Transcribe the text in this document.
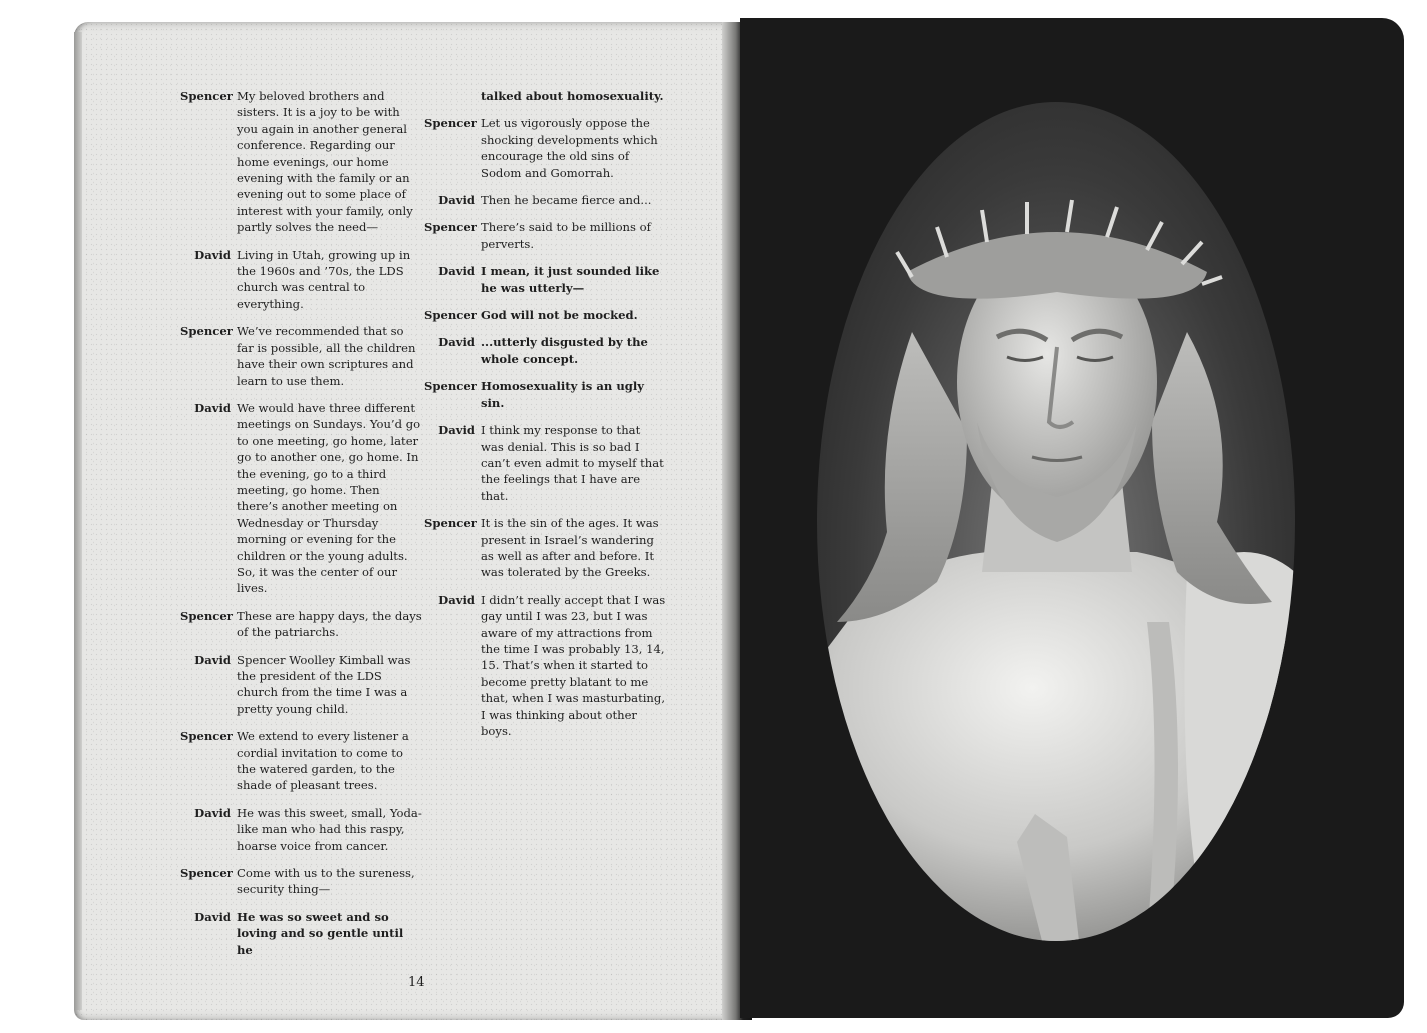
Spencer My beloved brothers and sisters. It is a joy to be with you again in another general conference. Regarding our home evenings, our home evening with the family or an evening out to some place of interest with your family, only partly solves the need—
David Living in Utah, growing up in the 1960s and ’70s, the LDS church was central to everything.
Spencer We’ve recommended that so far is possible, all the children have their own scriptures and learn to use them.
David We would have three different meetings on Sundays. You’d go to one meeting, go home, later go to another one, go home. In the evening, go to a third meeting, go home. Then there’s another meeting on Wednesday or Thursday morning or evening for the children or the young adults. So, it was the center of our lives.
Spencer These are happy days, the days of the patriarchs.
David Spencer Woolley Kimball was the president of the LDS church from the time I was a pretty young child.
Spencer We extend to every listener a cordial invitation to come to the watered garden, to the shade of pleasant trees.
David He was this sweet, small, Yoda-like man who had this raspy, hoarse voice from cancer.
Spencer Come with us to the sureness, security thing—
David He was so sweet and so loving and so gentle until he
talked about homosexuality.
Spencer Let us vigorously oppose the shocking developments which encourage the old sins of Sodom and Gomorrah.
David Then he became fierce and...
Spencer There’s said to be millions of perverts.
David I mean, it just sounded like he was utterly—
Spencer God will not be mocked.
David ...utterly disgusted by the whole concept.
Spencer Homosexuality is an ugly sin.
David I think my response to that was denial. This is so bad I can’t even admit to myself that the feelings that I have are that.
Spencer It is the sin of the ages. It was present in Israel’s wandering as well as after and before. It was tolerated by the Greeks.
David I didn’t really accept that I was gay until I was 23, but I was aware of my attractions from the time I was probably 13, 14, 15. That’s when it started to become pretty blatant to me that, when I was masturbating, I was thinking about other boys.
14
